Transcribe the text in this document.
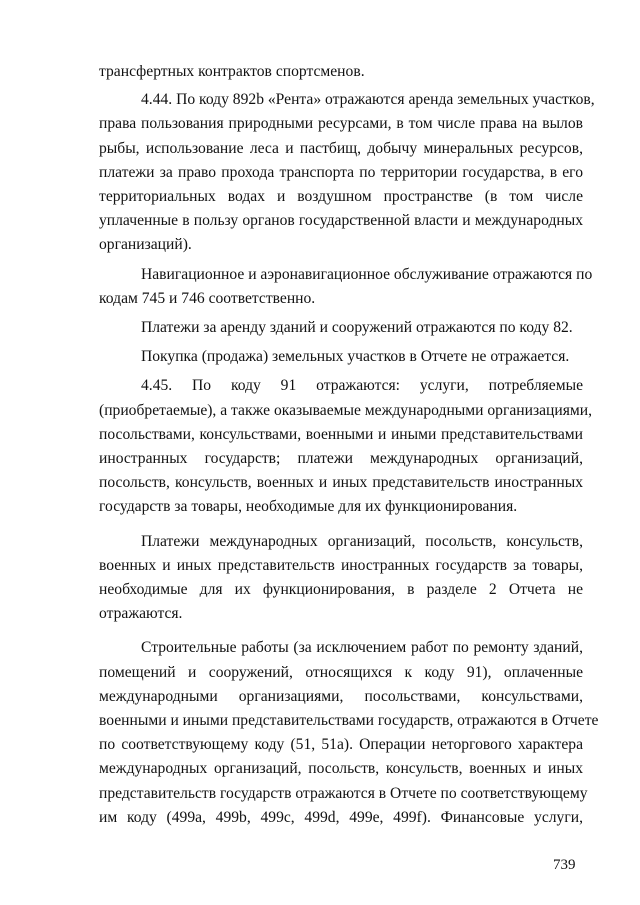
трансфертных контрактов спортсменов.
4.44. По коду 892b «Рента» отражаются аренда земельных участков,
права пользования природными ресурсами, в том числе права на вылов
рыбы, использование леса и пастбищ, добычу минеральных ресурсов,
платежи за право прохода транспорта по территории государства, в его
территориальных водах и воздушном пространстве (в том числе
уплаченные в пользу органов государственной власти и международных
организаций).
Навигационное и аэронавигационное обслуживание отражаются по
кодам 745 и 746 соответственно.
Платежи за аренду зданий и сооружений отражаются по коду 82.
Покупка (продажа) земельных участков в Отчете не отражается.
4.45. По коду 91 отражаются: услуги, потребляемые
(приобретаемые), а также оказываемые международными организациями,
посольствами, консульствами, военными и иными представительствами
иностранных государств; платежи международных организаций,
посольств, консульств, военных и иных представительств иностранных
государств за товары, необходимые для их функционирования.
Платежи международных организаций, посольств, консульств,
военных и иных представительств иностранных государств за товары,
необходимые для их функционирования, в разделе 2 Отчета не
отражаются.
Строительные работы (за исключением работ по ремонту зданий,
помещений и сооружений, относящихся к коду 91), оплаченные
международными организациями, посольствами, консульствами,
военными и иными представительствами государств, отражаются в Отчете
по соответствующему коду (51, 51a). Операции неторгового характера
международных организаций, посольств, консульств, военных и иных
представительств государств отражаются в Отчете по соответствующему
им коду (499a, 499b, 499c, 499d, 499e, 499f). Финансовые услуги,
739
